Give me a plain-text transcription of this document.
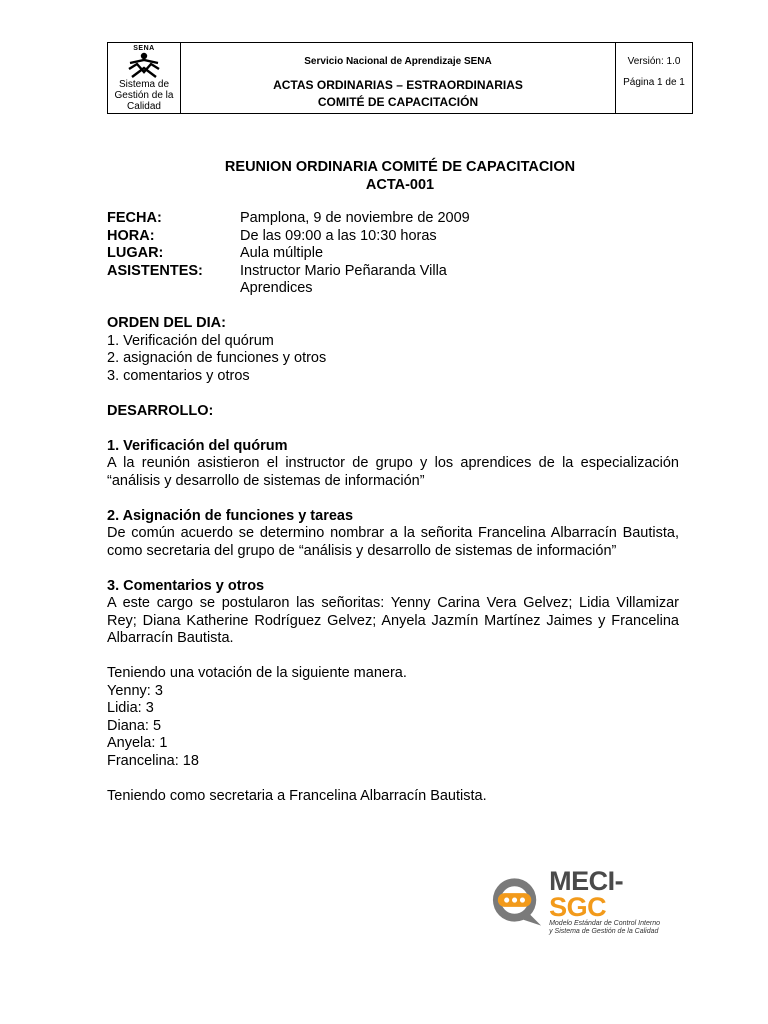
SENA
Sistema de Gestión de la Calidad
Servicio Nacional de Aprendizaje SENA
ACTAS ORDINARIAS – ESTRAORDINARIAS
COMITÉ DE CAPACITACIÓN
Versión: 1.0
Página 1 de 1
REUNION ORDINARIA COMITÉ DE CAPACITACION
ACTA-001
FECHA:	Pamplona, 9 de noviembre de 2009
HORA:	De las 09:00 a las 10:30 horas
LUGAR:	Aula múltiple
ASISTENTES:	Instructor Mario Peñaranda Villa
Aprendices
ORDEN DEL DIA:
1. Verificación del quórum
2. asignación de funciones y otros
3. comentarios y otros
DESARROLLO:
1. Verificación del quórum
A la reunión asistieron el instructor de grupo y los aprendices de la especialización “análisis y desarrollo de sistemas de información”
2. Asignación de funciones y tareas
De común acuerdo se determino nombrar a la señorita Francelina Albarracín Bautista, como secretaria del grupo de “análisis y desarrollo de sistemas de información”
3. Comentarios y otros
A este cargo se postularon las señoritas: Yenny Carina Vera Gelvez; Lidia Villamizar Rey; Diana Katherine Rodríguez Gelvez; Anyela Jazmín Martínez Jaimes y Francelina Albarracín Bautista.
Teniendo una votación de la siguiente manera.
Yenny: 3
Lidia: 3
Diana: 5
Anyela: 1
Francelina: 18
Teniendo como secretaria a Francelina Albarracín Bautista.
MECI-SGC
Modelo Estándar de Control Interno
y Sistema de Gestión de la Calidad
